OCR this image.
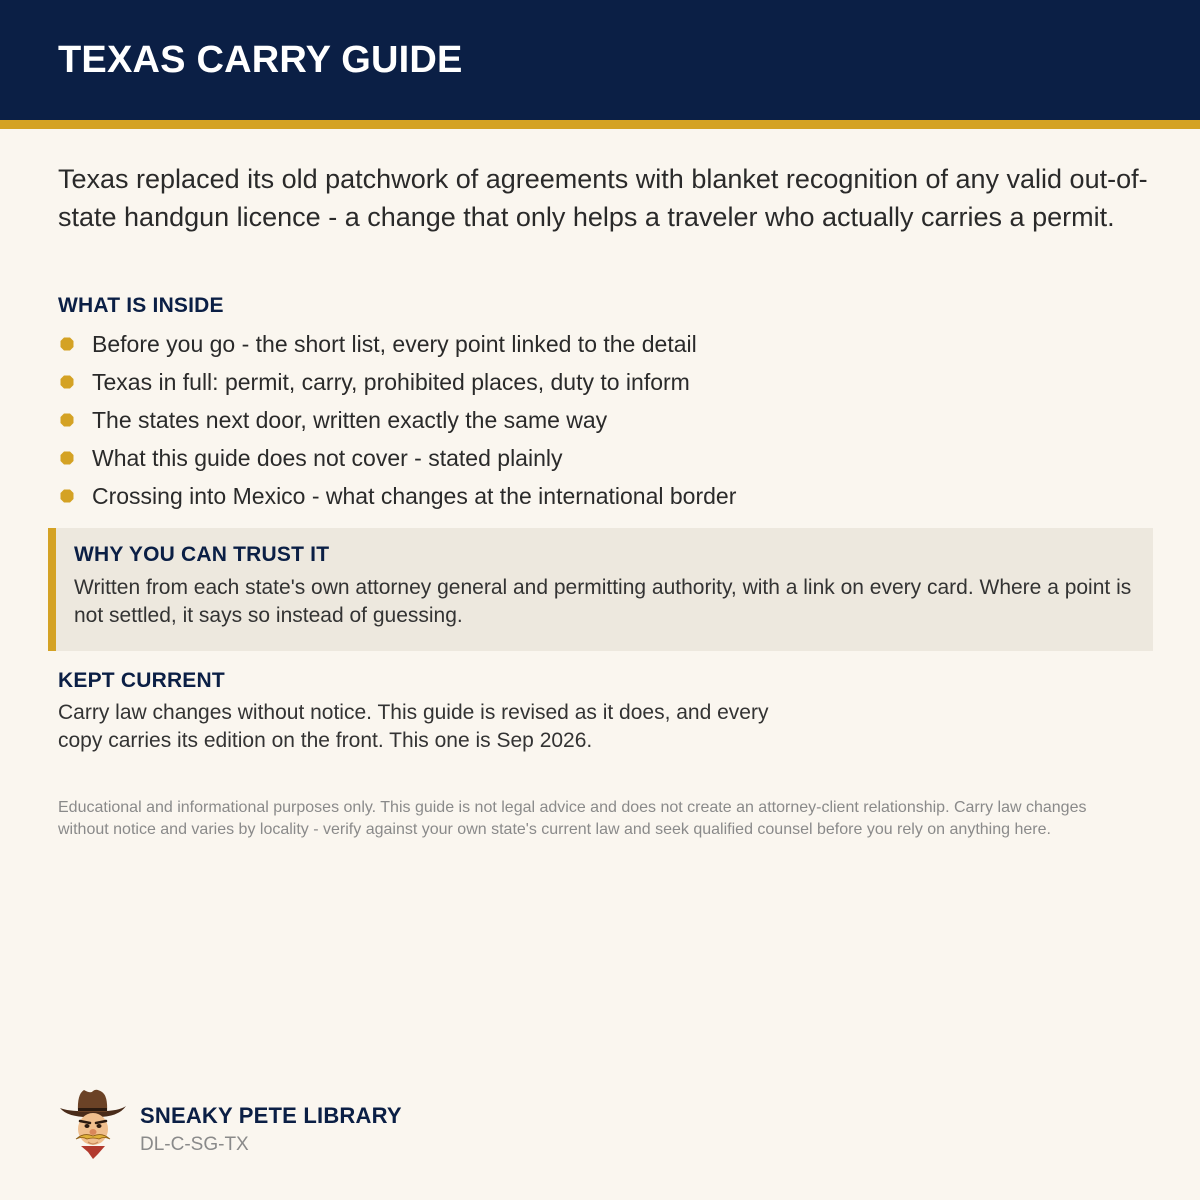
TEXAS CARRY GUIDE

Texas replaced its old patchwork of agreements with blanket recognition of any valid out-of-state handgun licence - a change that only helps a traveler who actually carries a permit.

WHAT IS INSIDE
Before you go - the short list, every point linked to the detail
Texas in full: permit, carry, prohibited places, duty to inform
The states next door, written exactly the same way
What this guide does not cover - stated plainly
Crossing into Mexico - what changes at the international border
WHY YOU CAN TRUST IT

Written from each state's own attorney general and permitting authority, with a link on every card. Where a point is not settled, it says so instead of guessing.

KEPT CURRENT

Carry law changes without notice. This guide is revised as it does, and every copy carries its edition on the front. This one is Sep 2026.

Educational and informational purposes only. This guide is not legal advice and does not create an attorney-client relationship. Carry law changes without notice and varies by locality - verify against your own state's current law and seek qualified counsel before you rely on anything here.

SNEAKY PETE LIBRARY

DL-C-SG-TX
